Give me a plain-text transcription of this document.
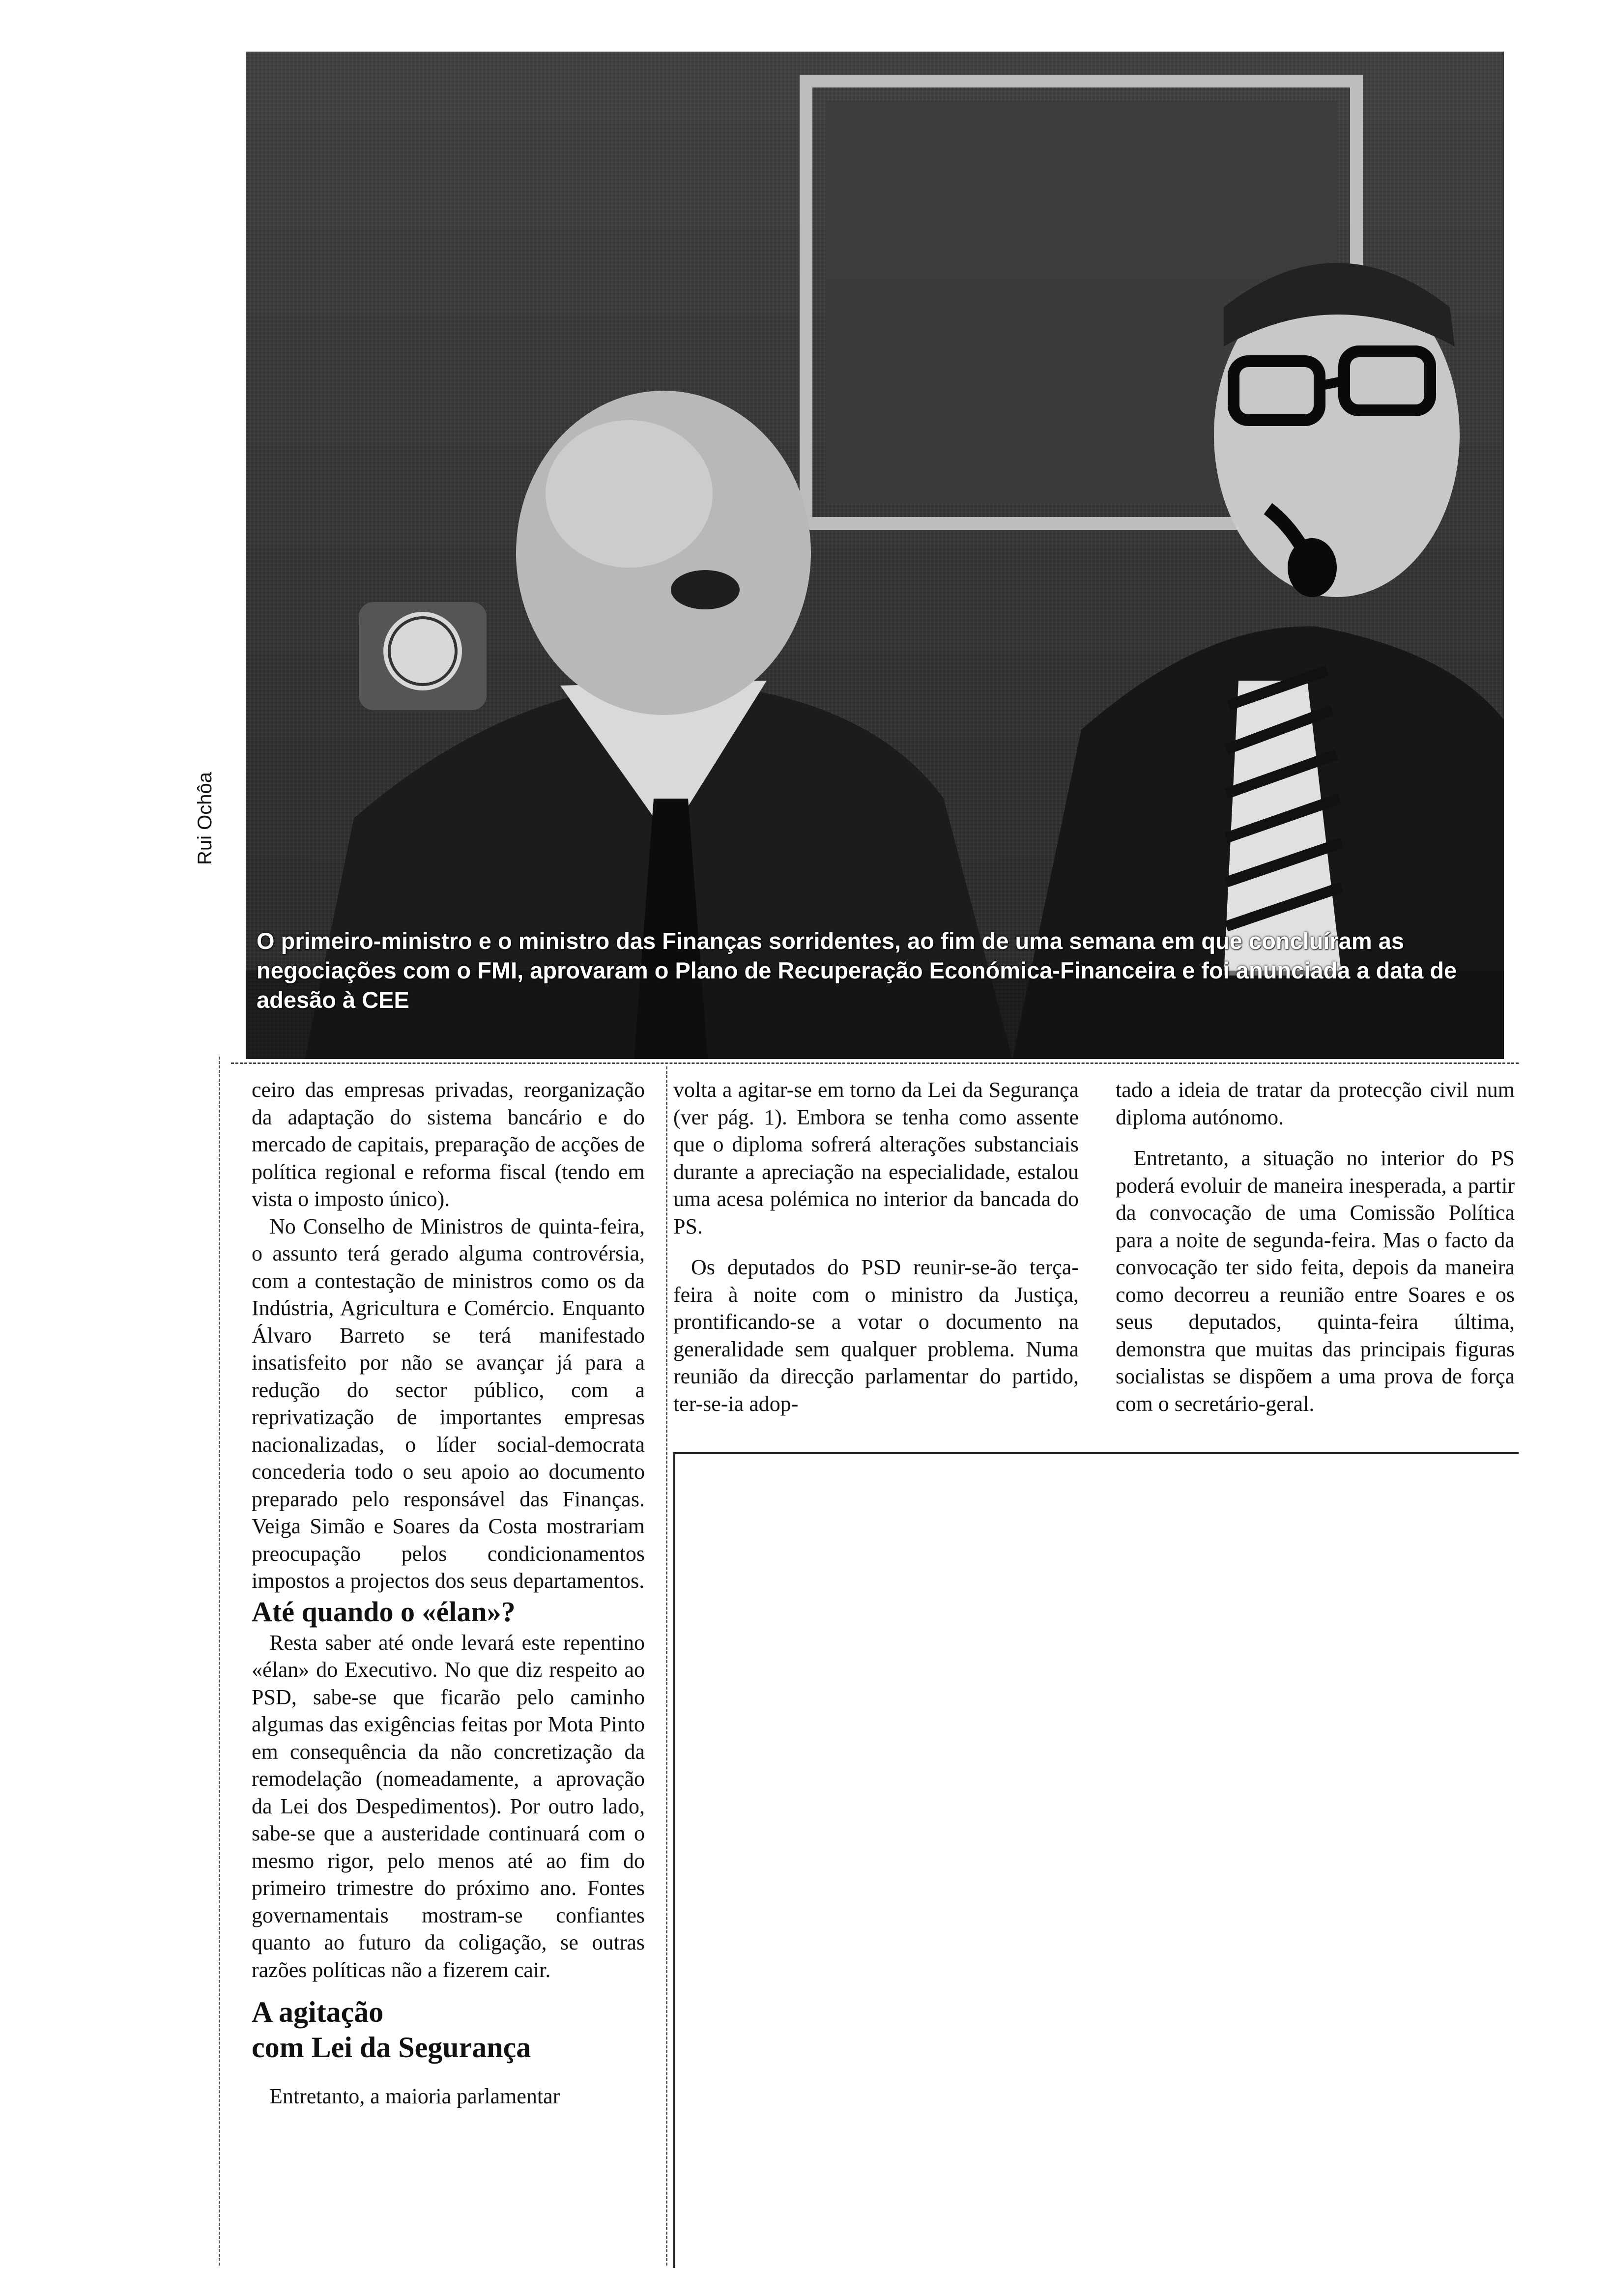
O primeiro-ministro e o ministro das Finanças sorridentes, ao fim de uma semana em que concluíram as negociações com o FMI, aprovaram o Plano de Recuperação Económica-Financeira e foi anunciada a data de adesão à CEE
Rui Ochôa

ceiro das empresas privadas, reorganização da adaptação do sistema bancário e do mercado de capitais, preparação de acções de política regional e reforma fiscal (tendo em vista o imposto único).

No Conselho de Ministros de quinta-feira, o assunto terá gerado alguma controvérsia, com a contestação de ministros como os da Indústria, Agricultura e Comércio. Enquanto Álvaro Barreto se terá manifestado insatisfeito por não se avançar já para a redução do sector público, com a reprivatização de importantes empresas nacionalizadas, o líder social-democrata concederia todo o seu apoio ao documento preparado pelo responsável das Finanças. Veiga Simão e Soares da Costa mostrariam preocupação pelos condicionamentos impostos a projectos dos seus departamentos.

Até quando o «élan»?

Resta saber até onde levará este repentino «élan» do Executivo. No que diz respeito ao PSD, sabe-se que ficarão pelo caminho algumas das exigências feitas por Mota Pinto em consequência da não concretização da remodelação (nomeadamente, a aprovação da Lei dos Despedimentos). Por outro lado, sabe-se que a austeridade continuará com o mesmo rigor, pelo menos até ao fim do primeiro trimestre do próximo ano. Fontes governamentais mostram-se confiantes quanto ao futuro da coligação, se outras razões políticas não a fizerem cair.

A agitação
com Lei da Segurança

Entretanto, a maioria parlamentar

volta a agitar-se em torno da Lei da Segurança (ver pág. 1). Embora se tenha como assente que o diploma sofrerá alterações substanciais durante a apreciação na especialidade, estalou uma acesa polémica no interior da bancada do PS.

Os deputados do PSD reunir-se-ão terça-feira à noite com o ministro da Justiça, prontificando-se a votar o documento na generalidade sem qualquer problema. Numa reunião da direcção parlamentar do partido, ter-se-ia adop-

tado a ideia de tratar da protecção civil num diploma autónomo.

Entretanto, a situação no interior do PS poderá evoluir de maneira inesperada, a partir da convocação de uma Comissão Política para a noite de segunda-feira. Mas o facto da convocação ter sido feita, depois da maneira como decorreu a reunião entre Soares e os seus deputados, quinta-feira última, demonstra que muitas das principais figuras socialistas se dispõem a uma prova de força com o secretário-geral.
